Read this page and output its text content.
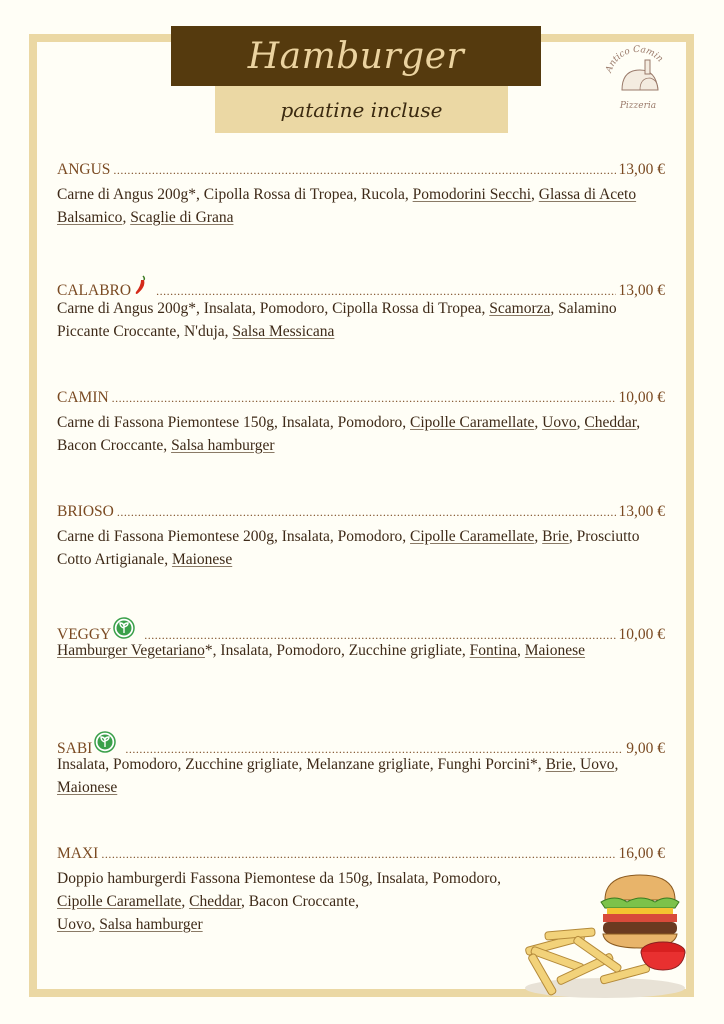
Hamburger
patatine incluse
Antico Camin
Pizzeria
ANGUS .....	13,00 €
Carne di Angus 200g*, Cipolla Rossa di Tropea, Rucola, Pomodorini Secchi, Glassa di Aceto Balsamico, Scaglie di Grana
CALABRO .....	13,00 €
Carne di Angus 200g*, Insalata, Pomodoro, Cipolla Rossa di Tropea, Scamorza, Salamino Piccante Croccante, N'duja, Salsa Messicana
CAMIN .....	10,00 €
Carne di Fassona Piemontese 150g, Insalata, Pomodoro, Cipolle Caramellate, Uovo, Cheddar, Bacon Croccante, Salsa hamburger
BRIOSO .....	13,00 €
Carne di Fassona Piemontese 200g, Insalata, Pomodoro, Cipolle Caramellate, Brie, Prosciutto Cotto Artigianale, Maionese
VEGGY .....	10,00 €
Hamburger Vegetariano*, Insalata, Pomodoro, Zucchine grigliate, Fontina, Maionese
SABI .....	9,00 €
Insalata, Pomodoro, Zucchine grigliate, Melanzane grigliate, Funghi Porcini*, Brie, Uovo, Maionese
MAXI .....	16,00 €
Doppio hamburgerdi Fassona Piemontese da 150g, Insalata, Pomodoro,
Cipolle Caramellate, Cheddar, Bacon Croccante,
Uovo, Salsa hamburger
